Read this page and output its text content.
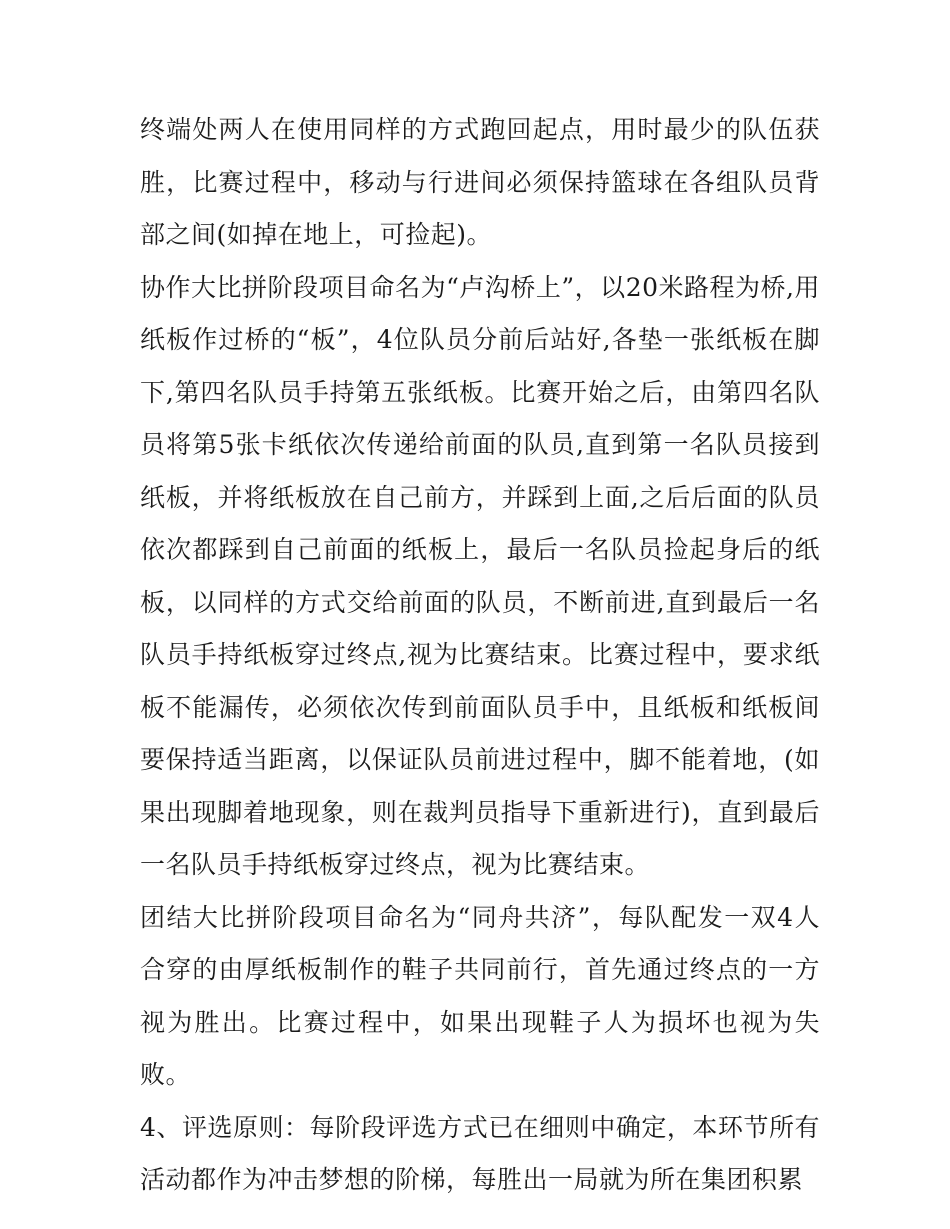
终端处两人在使用同样的方式跑回起点，用时最少的队伍获胜，比赛过程中，移动与行进间必须保持篮球在各组队员背部之间(如掉在地上，可捡起)。

协作大比拼阶段项目命名为“卢沟桥上”，以20米路程为桥,用纸板作过桥的“板”，4位队员分前后站好,各垫一张纸板在脚下,第四名队员手持第五张纸板。比赛开始之后，由第四名队员将第5张卡纸依次传递给前面的队员,直到第一名队员接到纸板，并将纸板放在自己前方，并踩到上面,之后后面的队员依次都踩到自己前面的纸板上，最后一名队员捡起身后的纸板，以同样的方式交给前面的队员，不断前进,直到最后一名队员手持纸板穿过终点,视为比赛结束。比赛过程中，要求纸板不能漏传，必须依次传到前面队员手中，且纸板和纸板间要保持适当距离，以保证队员前进过程中，脚不能着地，(如果出现脚着地现象，则在裁判员指导下重新进行)，直到最后一名队员手持纸板穿过终点，视为比赛结束。

团结大比拼阶段项目命名为“同舟共济”，每队配发一双4人合穿的由厚纸板制作的鞋子共同前行，首先通过终点的一方视为胜出。比赛过程中，如果出现鞋子人为损坏也视为失败。

4、评选原则：每阶段评选方式已在细则中确定，本环节所有活动都作为冲击梦想的阶梯，每胜出一局就为所在集团积累
